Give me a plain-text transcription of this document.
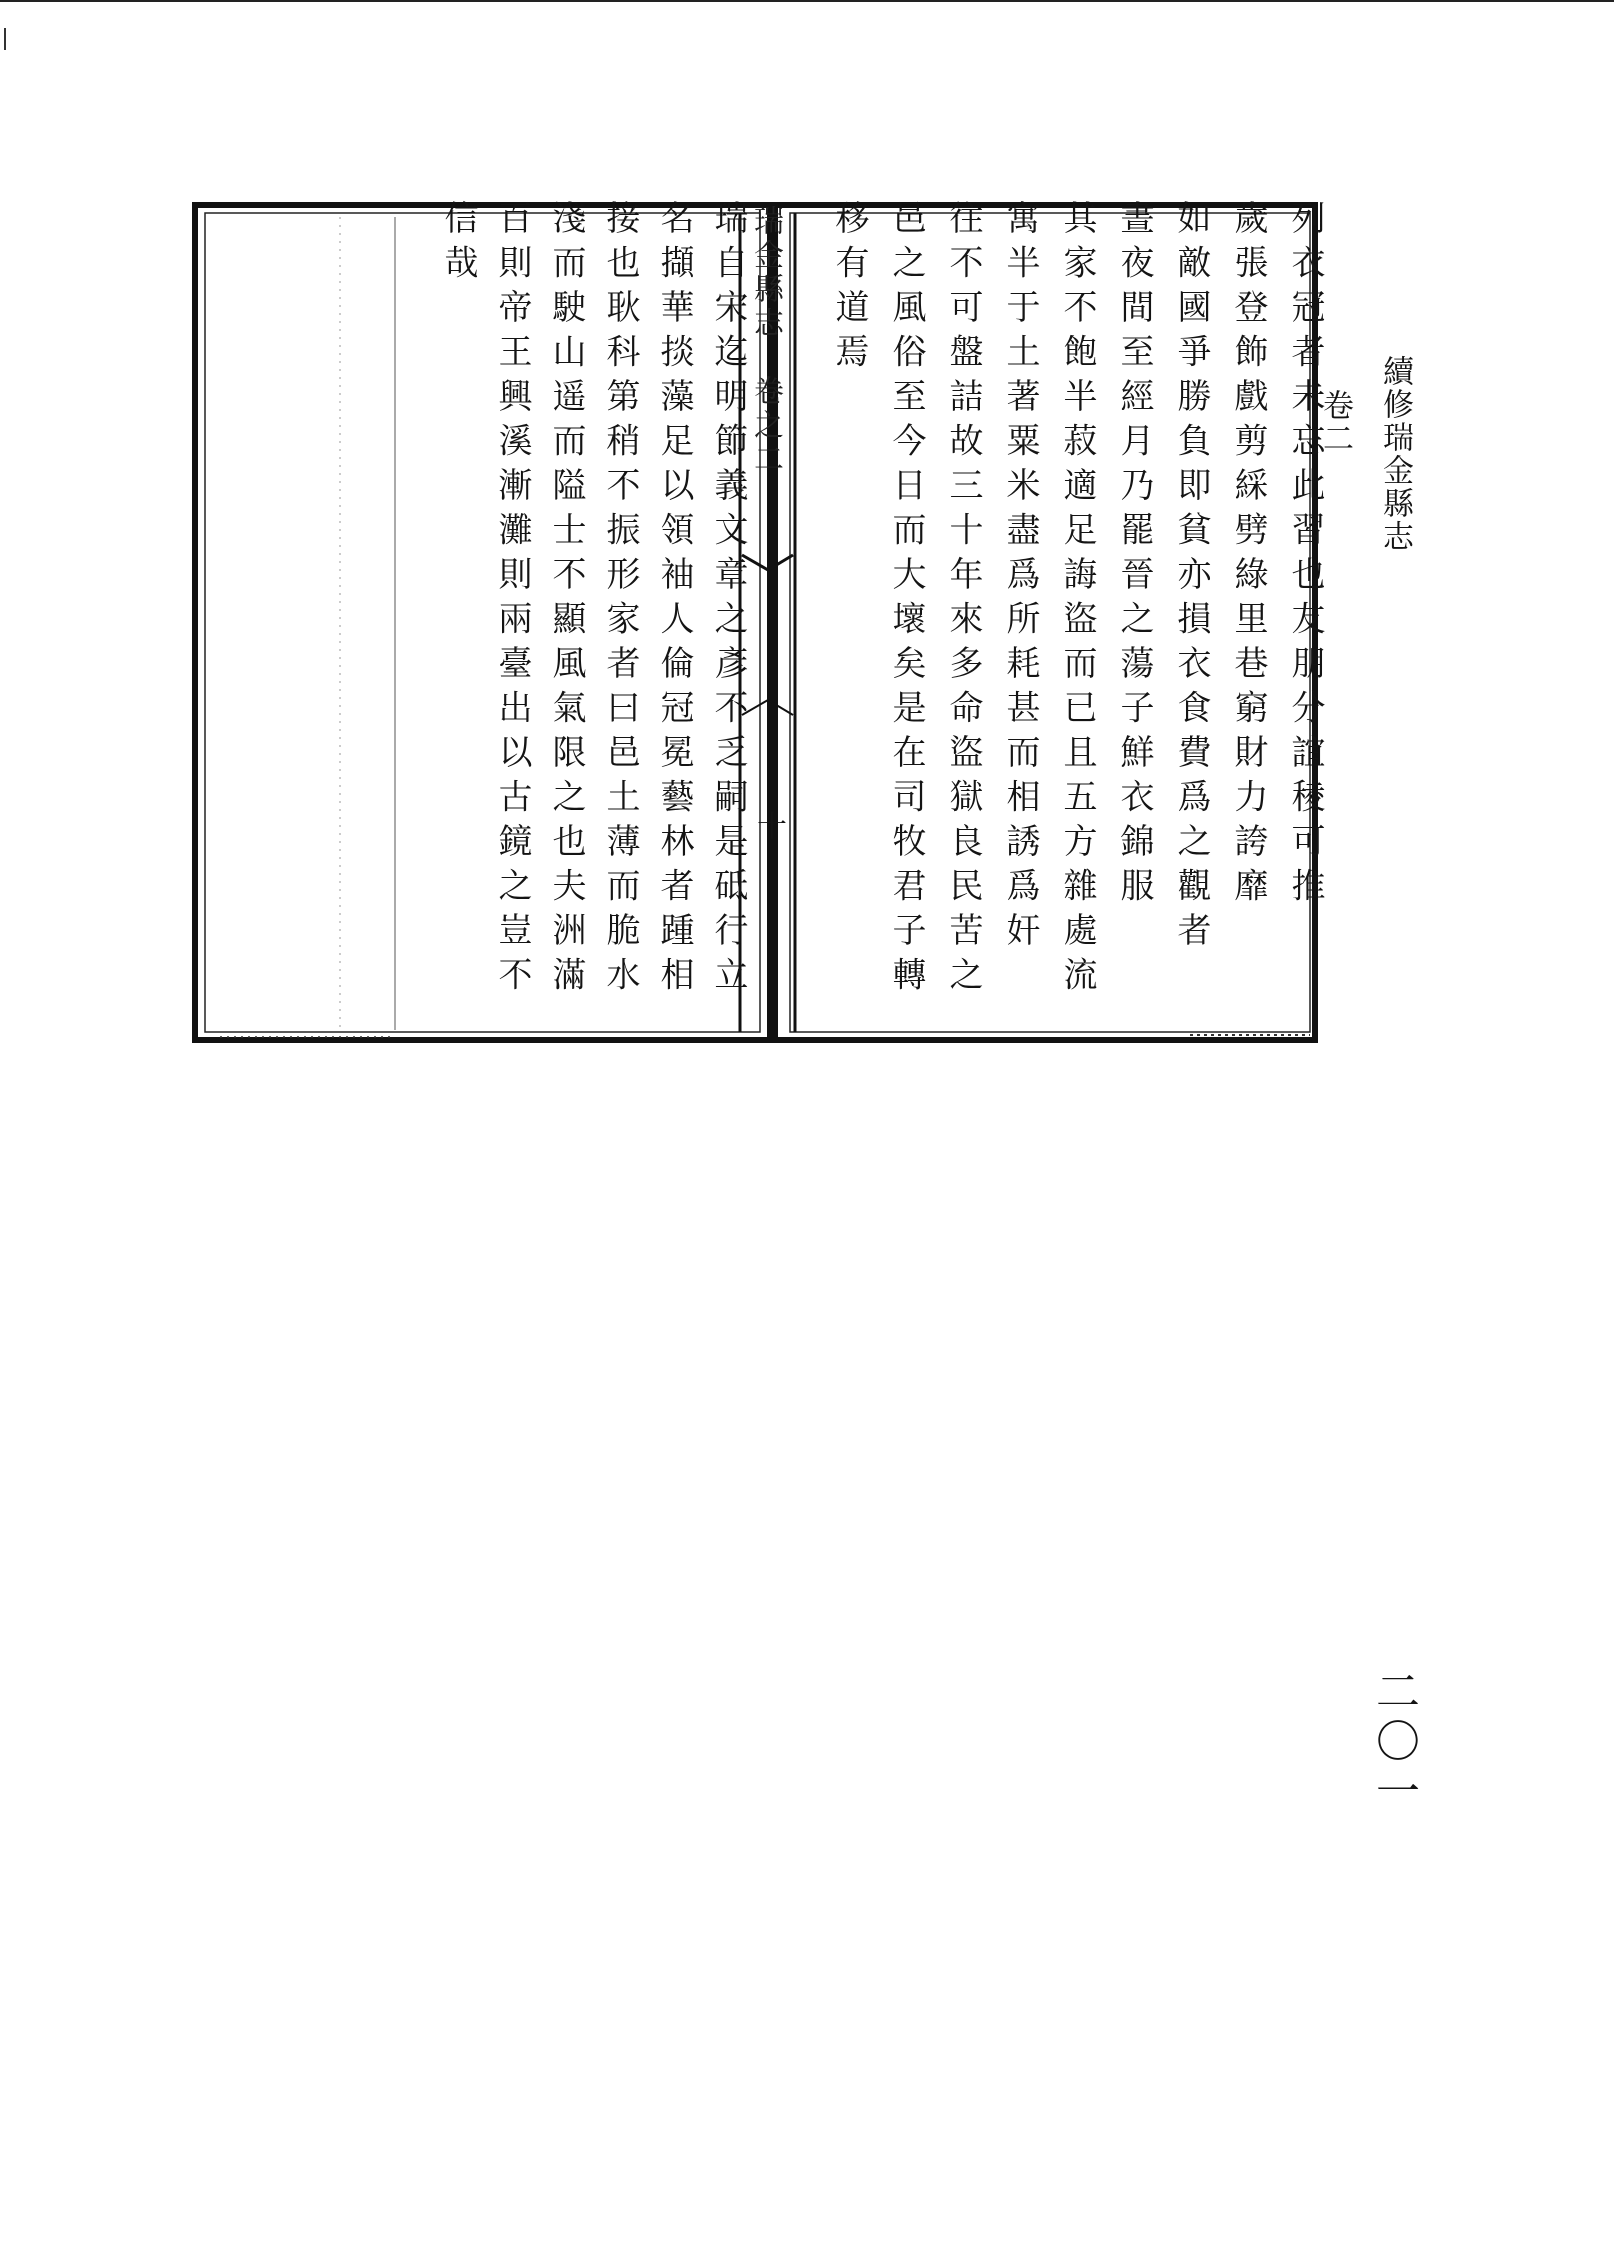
續修瑞金縣志 卷二
列衣冠者未忘此習也友朋分誼稜可推
歲張登飾戲剪綵劈綠里巷窮財力誇靡
如敵國爭勝負即貧亦損衣食費爲之觀者
晝夜間至經月乃罷晉之蕩子鮮衣錦服
其家不飽半菽適足誨盜而已且五方雜處流
寓半于土著粟米盡爲所耗甚而相誘爲奸
往不可盤詰故三十年來多命盜獄良民苦之
邑之風俗至今日而大壞矣是在司牧君子轉
移有道焉
瑞金縣志　卷之二
十
瑞自宋迄明節義文章之彥不乏嗣是砥行立
名擷華掞藻足以領袖人倫冠冕藝林者踵相
接也耿科第稍不振形家者曰邑土薄而脆水
淺而駛山遥而隘士不顯風氣限之也夫洲滿
百則帝王興溪漸灘則兩臺出以古鏡之豈不
信哉
二〇一
